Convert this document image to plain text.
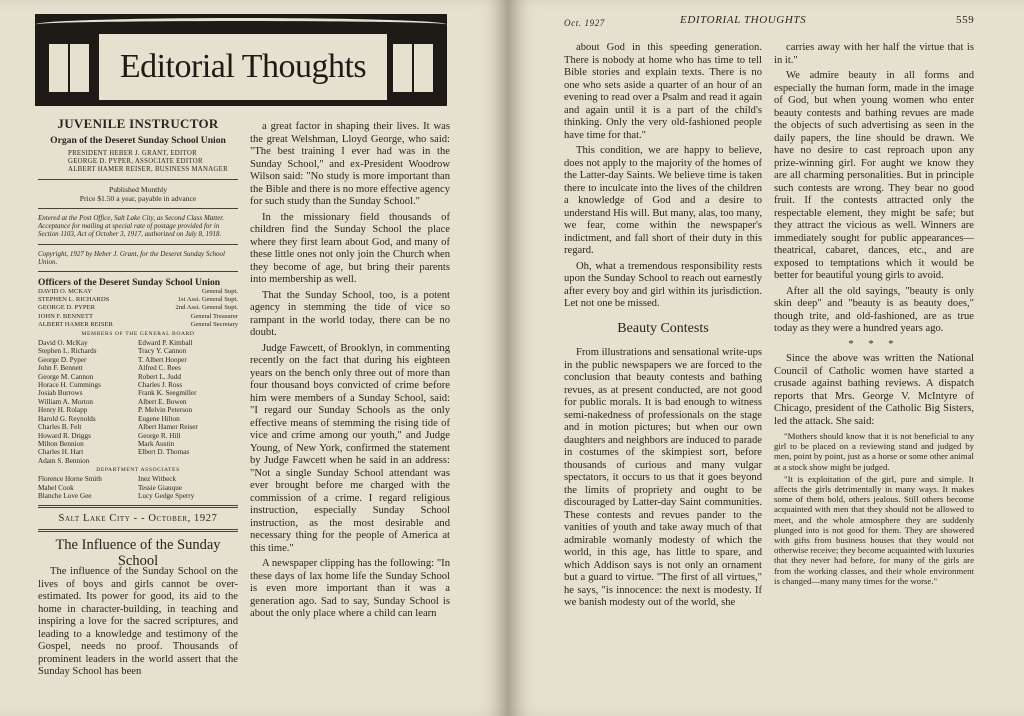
Editorial Thoughts
JUVENILE INSTRUCTOR
Organ of the Deseret Sunday School Union
PRESIDENT HEBER J. GRANT, EDITOR
GEORGE D. PYPER, ASSOCIATE EDITOR
ALBERT HAMER REISER, BUSINESS MANAGER
Published Monthly
Price $1.50 a year, payable in advance
Entered at the Post Office, Salt Lake City, as Second Class Matter.
Acceptance for mailing at special rate of postage provided for in Section 1103, Act of October 3, 1917, authorized on July 8, 1918.
Copyright, 1927 by Heber J. Grant, for the Deseret Sunday School Union.
Officers of the Deseret Sunday School Union
DAVID O. MCKAY	General Supt.
STEPHEN L. RICHARDS	1st Asst. General Supt.
GEORGE D. PYPER	2nd Asst. General Supt.
JOHN F. BENNETT	General Treasurer
ALBERT HAMER REISER	General Secretary
MEMBERS OF THE GENERAL BOARD
David O. McKay
Stephen L. Richards
George D. Pyper
John F. Bennett
George M. Cannon
Horace H. Cummings
Josiah Burrows
William A. Morton
Henry H. Rolapp
Harold G. Reynolds
Charles B. Felt
Howard R. Driggs
Milton Bennion
Charles H. Hart
Adam S. Bennion
Edward P. Kimball
Tracy Y. Cannon
T. Albert Hooper
Alfred C. Rees
Robert L. Judd
Charles J. Ross
Frank K. Seegmiller
Albert E. Bowen
P. Melvin Peterson
Eugene Hilton
Albert Hamer Reiser
George R. Hill
Mark Austin
Elbert D. Thomas
DEPARTMENT ASSOCIATES
Florence Horne Smith
Mabel Cook
Blanche Love Gee
Inez Witbeck
Tessie Giauque
Lucy Gedge Sperry
Salt Lake City - - October, 1927
The Influence of the Sunday School

The influence of the Sunday School on the lives of boys and girls cannot be over-estimated. Its power for good, its aid to the home in character-building, in teaching and inspiring a love for the sacred scriptures, and leading to a knowledge and testimony of the Gospel, needs no proof. Thousands of prominent leaders in the world assert that the Sunday School has been

a great factor in shaping their lives. It was the great Welshman, Lloyd George, who said: "The best training I ever had was in the Sunday School," and ex-President Woodrow Wilson said: "No study is more important than the Bible and there is no more effective agency for such study than the Sunday School."

In the missionary field thousands of children find the Sunday School the place where they first learn about God, and many of these little ones not only join the Church when they become of age, but bring their parents into membership as well.

That the Sunday School, too, is a potent agency in stemming the tide of vice so rampant in the world today, there can be no doubt.

Judge Fawcett, of Brooklyn, in commenting recently on the fact that during his eighteen years on the bench only three out of more than four thousand boys convicted of crime before him were members of a Sunday School, said: "I regard our Sunday Schools as the only effective means of stemming the rising tide of vice and crime among our youth," and Judge Young, of New York, confirmed the statement by Judge Fawcett when he said in an address: "Not a single Sunday School attendant was ever brought before me charged with the commission of a crime. I regard religious instruction, especially Sunday School instruction, as the most desirable and necessary thing for the people of America at this time."

A newspaper clipping has the following: "In these days of lax home life the Sunday School is even more important than it was a generation ago. Sad to say, Sunday School is about the only place where a child can learn

Oct. 1927	EDITORIAL THOUGHTS	559

about God in this speeding generation. There is nobody at home who has time to tell Bible stories and explain texts. There is no one who sets aside a quarter of an hour of an evening to read over a Psalm and read it again and again until it is a part of the child's thinking. Only the very old-fashioned people have time for that."

This condition, we are happy to believe, does not apply to the majority of the homes of the Latter-day Saints. We believe time is taken there to inculcate into the lives of the children a knowledge of God and a desire to understand His will. But many, alas, too many, we fear, come within the newspaper's indictment, and fall short of their duty in this regard.

Oh, what a tremendous responsibility rests upon the Sunday School to reach out earnestly after every boy and girl within its jurisdiction. Let not one be missed.

Beauty Contests

From illustrations and sensational write-ups in the public newspapers we are forced to the conclusion that beauty contests and bathing revues, as at present conducted, are not good for public morals. It is bad enough to witness semi-nakedness of professionals on the stage and in motion pictures; but when our own daughters and neighbors are induced to parade in costumes of the skimpiest sort, before thousands of curious and many vulgar spectators, it occurs to us that it goes beyond the limits of propriety and ought to be discouraged by Latter-day Saint communities. These contests and revues pander to the vanities of youth and take away much of that admirable womanly modesty of which the world, in this age, has little to spare, and which Addison says is not only an ornament but a guard to virtue. "The first of all virtues," he says, "is innocence: the next is modesty. If we banish modesty out of the world, she

carries away with her half the virtue that is in it."

We admire beauty in all forms and especially the human form, made in the image of God, but when young women who enter beauty contests and bathing revues are made the objects of such advertising as seen in the daily papers, the line should be drawn. We have no desire to cast reproach upon any prize-winning girl. For aught we know they are all charming personalities. But in principle such contests are wrong. They bear no good fruit. If the contests attracted only the respectable element, they might be safe; but they attract the vicious as well. Winners are immediately sought for public appearances—theatrical, cabaret, dances, etc., and are exposed to temptations which it would be better for beautiful young girls to avoid.

After all the old sayings, "beauty is only skin deep" and "beauty is as beauty does," though trite, and old-fashioned, are as true today as they were a hundred years ago.

* * *

Since the above was written the National Council of Catholic women have started a crusade against bathing reviews. A dispatch reports that Mrs. George V. McIntyre of Chicago, president of the Catholic Big Sisters, led the attack. She said:

"Mothers should know that it is not beneficial to any girl to be placed on a reviewing stand and judged by men, point by point, just as a horse or some other animal at a stock show might be judged.

"It is exploitation of the girl, pure and simple. It affects the girls detrimentally in many ways. It makes some of them bold, others jealous. Still others become acquainted with men that they should not be allowed to meet, and the whole atmosphere they are suddenly plunged into is not good for them. They are showered with gifts from business houses that they would not otherwise receive; they become acquainted with luxuries that they never had before, for many of the girls are from the working classes, and their whole environment is changed—many many times for the worse."
